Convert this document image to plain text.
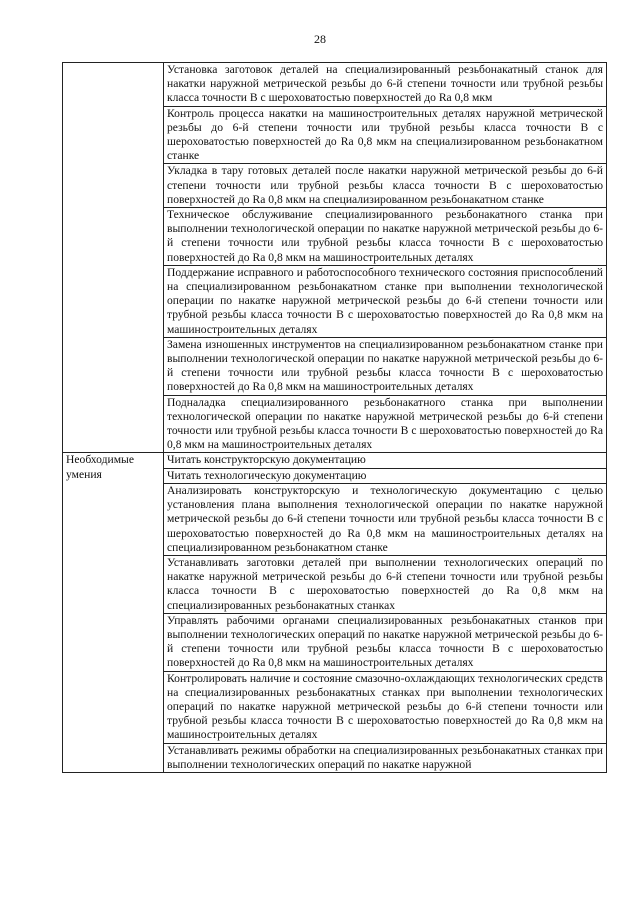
28
	Установка заготовок деталей на специализированный резьбонакатный станок для накатки наружной метрической резьбы до 6-й степени точности или трубной резьбы класса точности В с шероховатостью поверхностей до Ra 0,8 мкм
	Контроль процесса накатки на машиностроительных деталях наружной метрической резьбы до 6-й степени точности или трубной резьбы класса точности В с шероховатостью поверхностей до Ra 0,8 мкм на специализированном резьбонакатном станке
	Укладка в тару готовых деталей после накатки наружной метрической резьбы до 6-й степени точности или трубной резьбы класса точности В с шероховатостью поверхностей до Ra 0,8 мкм на специализированном резьбонакатном станке
	Техническое обслуживание специализированного резьбонакатного станка при выполнении технологической операции по накатке наружной метрической резьбы до 6-й степени точности или трубной резьбы класса точности В с шероховатостью поверхностей до Ra 0,8 мкм на машиностроительных деталях
	Поддержание исправного и работоспособного технического состояния приспособлений на специализированном резьбонакатном станке при выполнении технологической операции по накатке наружной метрической резьбы до 6-й степени точности или трубной резьбы класса точности В с шероховатостью поверхностей до Ra 0,8 мкм на машиностроительных деталях
	Замена изношенных инструментов на специализированном резьбонакатном станке при выполнении технологической операции по накатке наружной метрической резьбы до 6-й степени точности или трубной резьбы класса точности В с шероховатостью поверхностей до Ra 0,8 мкм на машиностроительных деталях
	Подналадка специализированного резьбонакатного станка при выполнении технологической операции по накатке наружной метрической резьбы до 6-й степени точности или трубной резьбы класса точности В с шероховатостью поверхностей до Ra 0,8 мкм на машиностроительных деталях
Необходимые умения	Читать конструкторскую документацию
	Читать технологическую документацию
	Анализировать конструкторскую и технологическую документацию с целью установления плана выполнения технологической операции по накатке наружной метрической резьбы до 6-й степени точности или трубной резьбы класса точности В с шероховатостью поверхностей до Ra 0,8 мкм на машиностроительных деталях на специализированном резьбонакатном станке
	Устанавливать заготовки деталей при выполнении технологических операций по накатке наружной метрической резьбы до 6-й степени точности или трубной резьбы класса точности В с шероховатостью поверхностей до Ra 0,8 мкм на специализированных резьбонакатных станках
	Управлять рабочими органами специализированных резьбонакатных станков при выполнении технологических операций по накатке наружной метрической резьбы до 6-й степени точности или трубной резьбы класса точности В с шероховатостью поверхностей до Ra 0,8 мкм на машиностроительных деталях
	Контролировать наличие и состояние смазочно-охлаждающих технологических средств на специализированных резьбонакатных станках при выполнении технологических операций по накатке наружной метрической резьбы до 6-й степени точности или трубной резьбы класса точности В с шероховатостью поверхностей до Ra 0,8 мкм на машиностроительных деталях
	Устанавливать режимы обработки на специализированных резьбонакатных станках при выполнении технологических операций по накатке наружной
